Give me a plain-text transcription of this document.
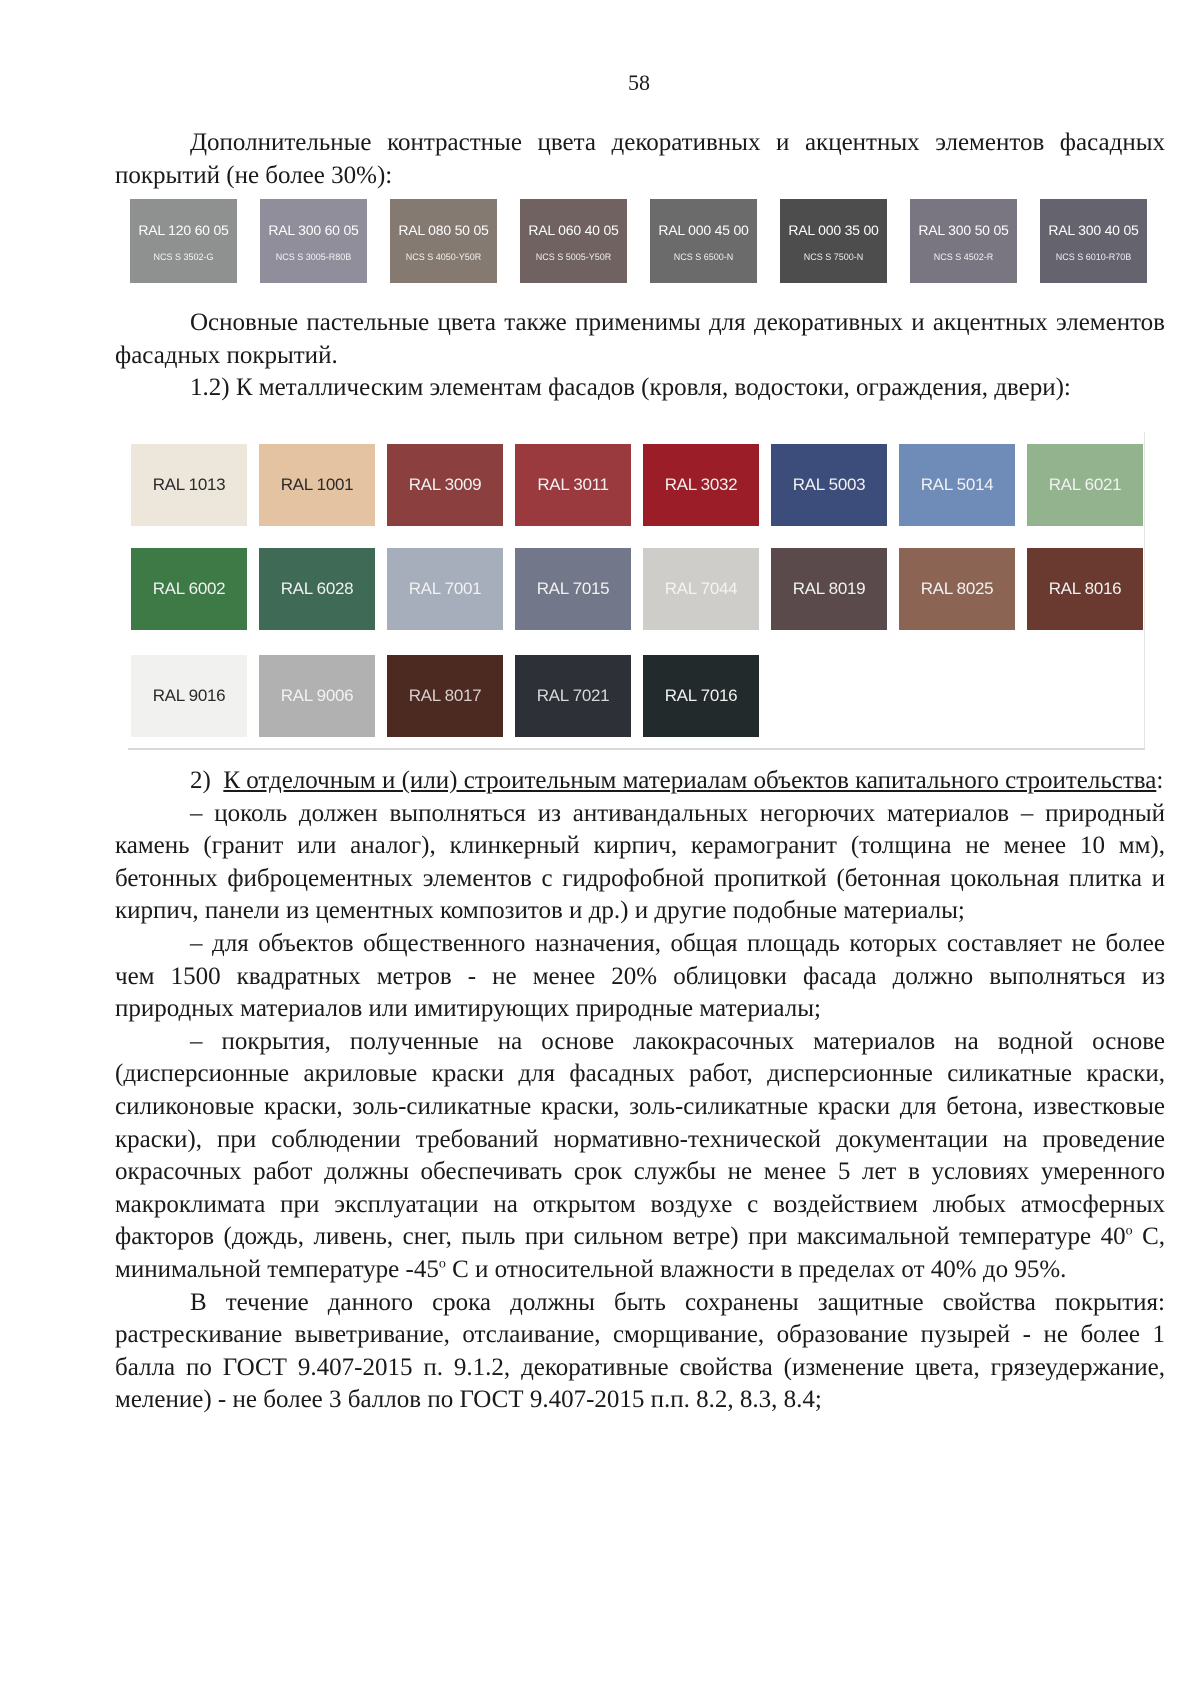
58

Дополнительные контрастные цвета декоративных и акцентных элементов фасадных покрытий (не более 30%):

RAL 120 60 05
NCS S 3502-G
RAL 300 60 05
NCS S 3005-R80B
RAL 080 50 05
NCS S 4050-Y50R
RAL 060 40 05
NCS S 5005-Y50R
RAL 000 45 00
NCS S 6500-N
RAL 000 35 00
NCS S 7500-N
RAL 300 50 05
NCS S 4502-R
RAL 300 40 05
NCS S 6010-R70B

Основные пастельные цвета также применимы для декоративных и акцентных элементов фасадных покрытий.

1.2) К металлическим элементам фасадов (кровля, водостоки, ограждения, двери):

RAL 1013	RAL 1001	RAL 3009	RAL 3011	RAL 3032	RAL 5003	RAL 5014	RAL 6021
RAL 6002	RAL 6028	RAL 7001	RAL 7015	RAL 7044	RAL 8019	RAL 8025	RAL 8016
RAL 9016	RAL 9006	RAL 8017	RAL 7021	RAL 7016

2) К отделочным и (или) строительным материалам объектов капитального строительства:

– цоколь должен выполняться из антивандальных негорючих материалов – природный камень (гранит или аналог), клинкерный кирпич, керамогранит (толщина не менее 10 мм), бетонных фиброцементных элементов с гидрофобной пропиткой (бетонная цокольная плитка и кирпич, панели из цементных композитов и др.) и другие подобные материалы;

– для объектов общественного назначения, общая площадь которых составляет не более чем 1500 квадратных метров - не менее 20% облицовки фасада должно выполняться из природных материалов или имитирующих природные материалы;

– покрытия, полученные на основе лакокрасочных материалов на водной основе (дисперсионные акриловые краски для фасадных работ, дисперсионные силикатные краски, силиконовые краски, золь-силикатные краски, золь-силикатные краски для бетона, известковые краски), при соблюдении требований нормативно-технической документации на проведение окрасочных работ должны обеспечивать срок службы не менее 5 лет в условиях умеренного макроклимата при эксплуатации на открытом воздухе с воздействием любых атмосферных факторов (дождь, ливень, снег, пыль при сильном ветре) при максимальной температуре 40$^o$ С, минимальной температуре -45$^o$ С и относительной влажности в пределах от 40% до 95%.

В течение данного срока должны быть сохранены защитные свойства покрытия: растрескивание выветривание, отслаивание, сморщивание, образование пузырей - не более 1 балла по ГОСТ 9.407-2015 п. 9.1.2, декоративные свойства (изменение цвета, грязеудержание, меление) - не более 3 баллов по ГОСТ 9.407-2015 п.п. 8.2, 8.3, 8.4;
